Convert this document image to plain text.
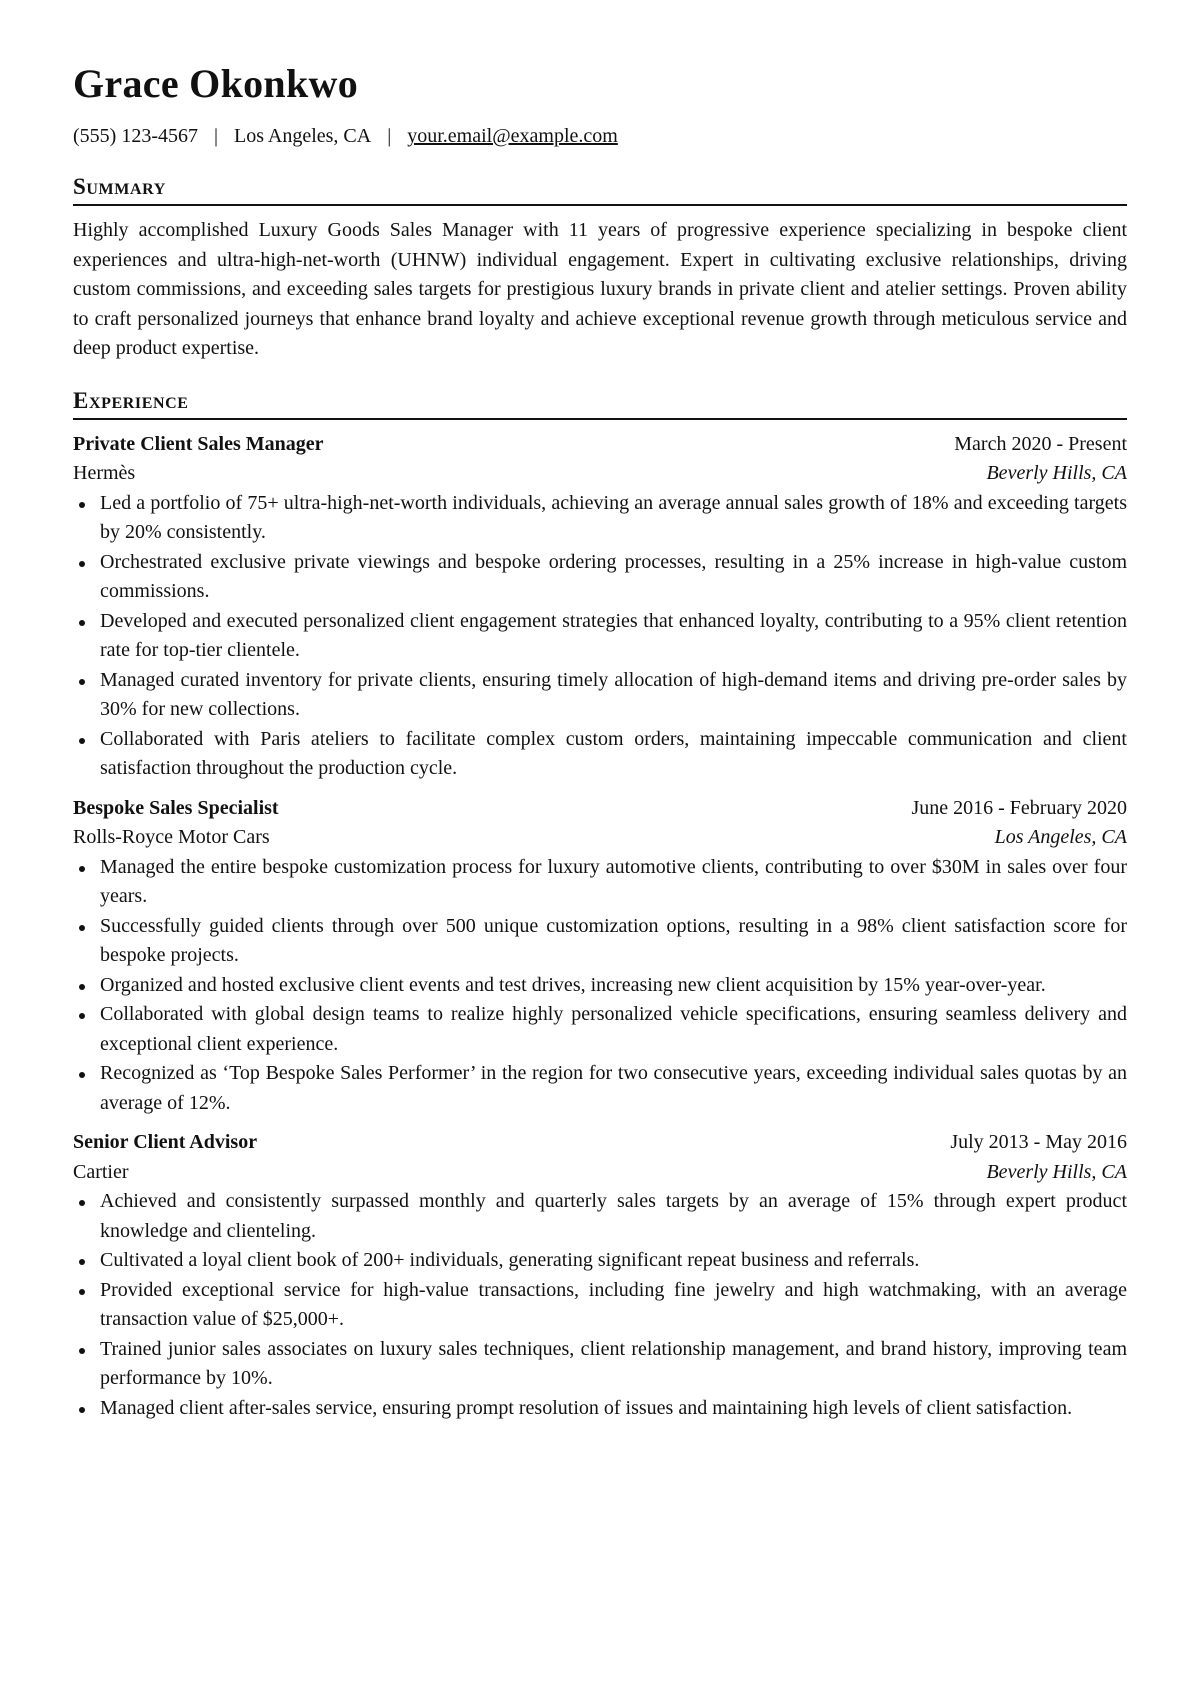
Grace Okonkwo
(555) 123-4567 | Los Angeles, CA | your.email@example.com
Summary
Highly accomplished Luxury Goods Sales Manager with 11 years of progressive experience specializing in bespoke client experiences and ultra-high-net-worth (UHNW) individual engagement. Expert in cultivating exclusive relationships, driving custom commissions, and exceeding sales targets for prestigious luxury brands in private client and atelier settings. Proven ability to craft personalized journeys that enhance brand loyalty and achieve exceptional revenue growth through meticulous service and deep product expertise.
Experience
Private Client Sales Manager	March 2020 - Present
Hermès	Beverly Hills, CA
Led a portfolio of 75+ ultra-high-net-worth individuals, achieving an average annual sales growth of 18% and exceeding targets by 20% consistently.
Orchestrated exclusive private viewings and bespoke ordering processes, resulting in a 25% increase in high-value custom commissions.
Developed and executed personalized client engagement strategies that enhanced loyalty, contributing to a 95% client retention rate for top-tier clientele.
Managed curated inventory for private clients, ensuring timely allocation of high-demand items and driving pre-order sales by 30% for new collections.
Collaborated with Paris ateliers to facilitate complex custom orders, maintaining impeccable communication and client satisfaction throughout the production cycle.
Bespoke Sales Specialist	June 2016 - February 2020
Rolls-Royce Motor Cars	Los Angeles, CA
Managed the entire bespoke customization process for luxury automotive clients, contributing to over $30M in sales over four years.
Successfully guided clients through over 500 unique customization options, resulting in a 98% client satisfaction score for bespoke projects.
Organized and hosted exclusive client events and test drives, increasing new client acquisition by 15% year-over-year.
Collaborated with global design teams to realize highly personalized vehicle specifications, ensuring seamless delivery and exceptional client experience.
Recognized as ‘Top Bespoke Sales Performer’ in the region for two consecutive years, exceeding individual sales quotas by an average of 12%.
Senior Client Advisor	July 2013 - May 2016
Cartier	Beverly Hills, CA
Achieved and consistently surpassed monthly and quarterly sales targets by an average of 15% through expert product knowledge and clienteling.
Cultivated a loyal client book of 200+ individuals, generating significant repeat business and referrals.
Provided exceptional service for high-value transactions, including fine jewelry and high watchmaking, with an average transaction value of $25,000+.
Trained junior sales associates on luxury sales techniques, client relationship management, and brand history, improving team performance by 10%.
Managed client after-sales service, ensuring prompt resolution of issues and maintaining high levels of client satisfaction.
